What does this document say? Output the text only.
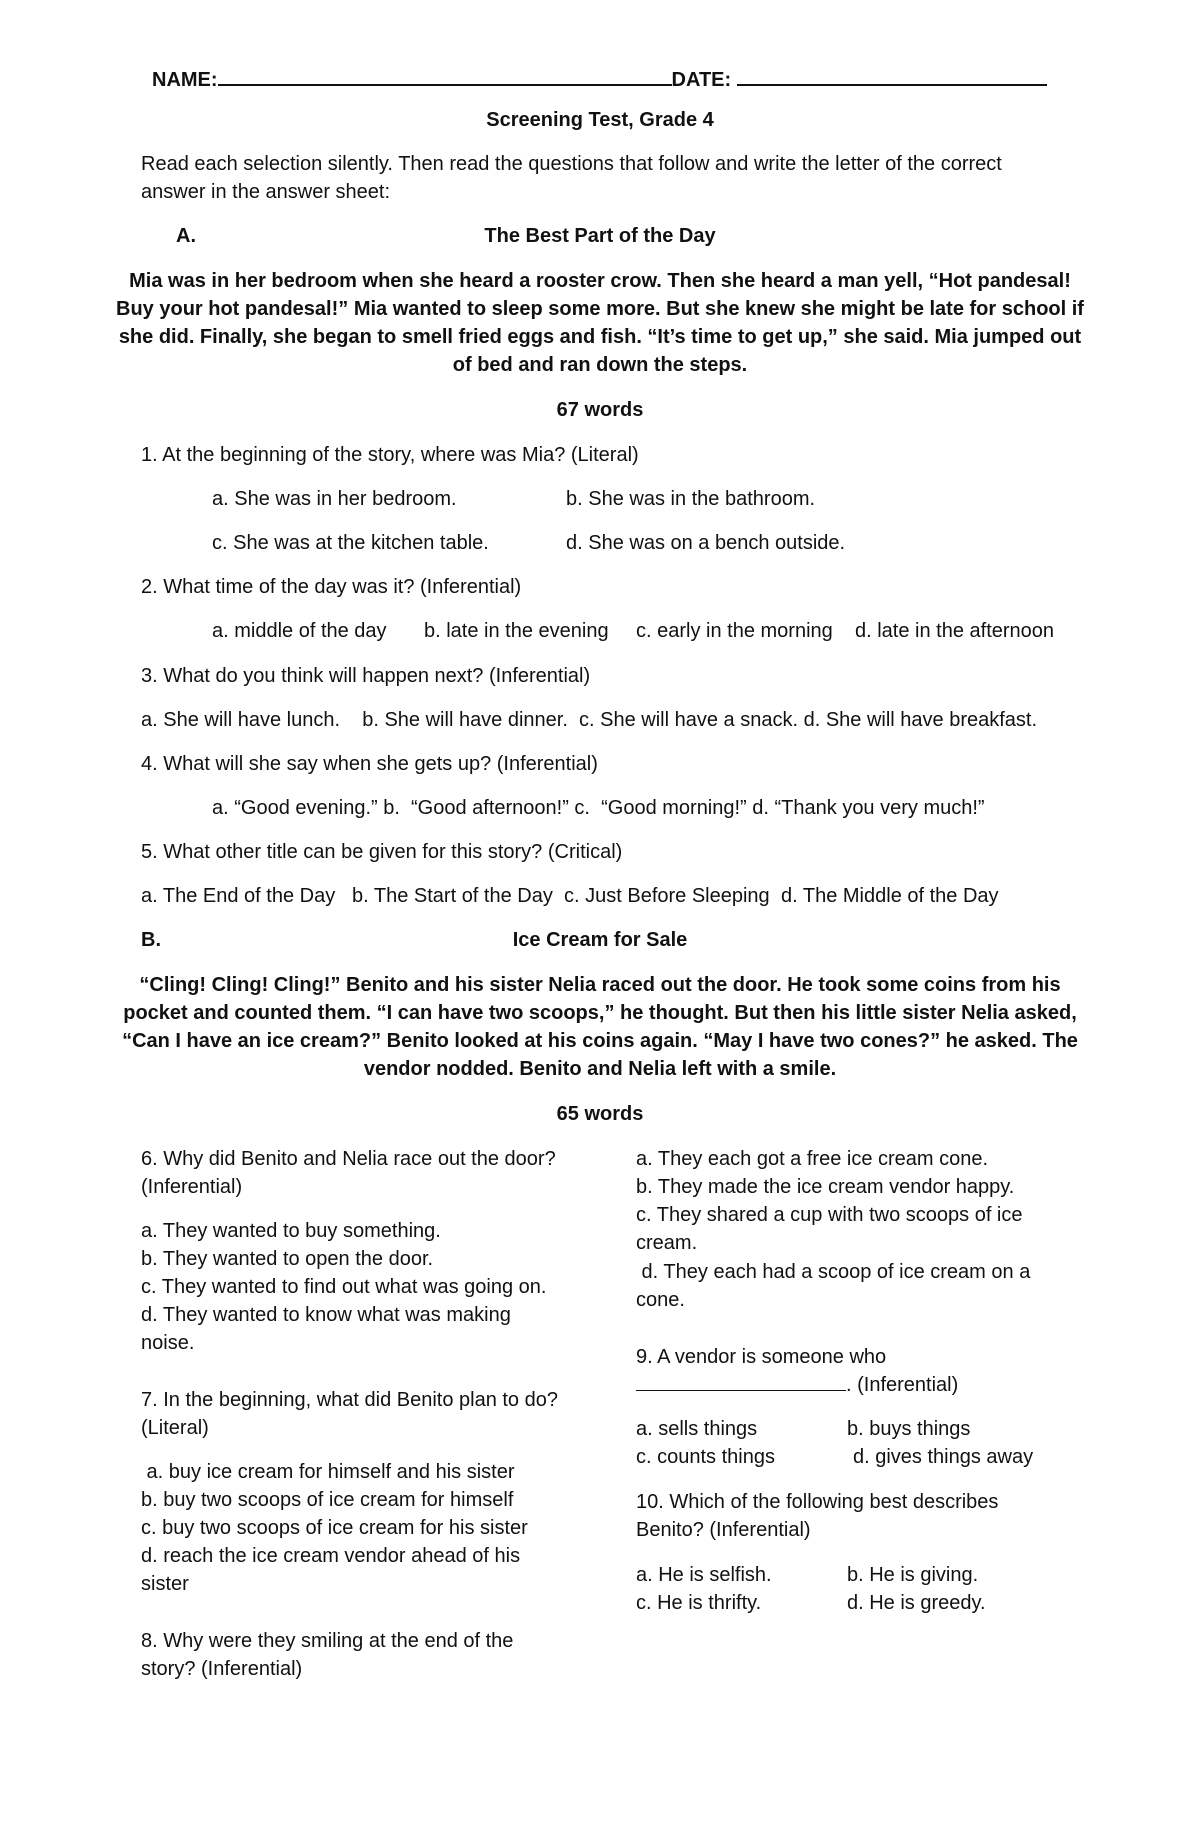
NAME:	DATE:
Screening Test, Grade 4
Read each selection silently. Then read the questions that follow and write the letter of the correct
answer in the answer sheet:
A.	The Best Part of the Day
Mia was in her bedroom when she heard a rooster crow. Then she heard a man yell, “Hot pandesal!
Buy your hot pandesal!” Mia wanted to sleep some more. But she knew she might be late for school if
she did. Finally, she began to smell fried eggs and fish. “It’s time to get up,” she said. Mia jumped out
of bed and ran down the steps.
67 words
1. At the beginning of the story, where was Mia? (Literal)
a. She was in her bedroom.	b. She was in the bathroom.
c. She was at the kitchen table.	d. She was on a bench outside.
2. What time of the day was it? (Inferential)
a. middle of the day b. late in the evening c. early in the morning d. late in the afternoon
3. What do you think will happen next? (Inferential)
a. She will have lunch.    b. She will have dinner.  c. She will have a snack. d. She will have breakfast.
4. What will she say when she gets up? (Inferential)
a. “Good evening.” b.  “Good afternoon!” c.  “Good morning!” d. “Thank you very much!”
5. What other title can be given for this story? (Critical)
a. The End of the Day b. The Start of the Day c. Just Before Sleeping d. The Middle of the Day
B.	Ice Cream for Sale
“Cling! Cling! Cling!” Benito and his sister Nelia raced out the door. He took some coins from his
pocket and counted them. “I can have two scoops,” he thought. But then his little sister Nelia asked,
“Can I have an ice cream?” Benito looked at his coins again. “May I have two cones?” he asked. The
vendor nodded. Benito and Nelia left with a smile.
65 words
6. Why did Benito and Nelia race out the door?
(Inferential)
a. They wanted to buy something.
b. They wanted to open the door.
c. They wanted to find out what was going on.
d. They wanted to know what was making
noise.
7. In the beginning, what did Benito plan to do?
(Literal)
a. buy ice cream for himself and his sister
b. buy two scoops of ice cream for himself
c. buy two scoops of ice cream for his sister
d. reach the ice cream vendor ahead of his
sister
8. Why were they smiling at the end of the
story? (Inferential)
a. They each got a free ice cream cone.
b. They made the ice cream vendor happy.
c. They shared a cup with two scoops of ice
cream.
d. They each had a scoop of ice cream on a
cone.
9. A vendor is someone who
. (Inferential)
a. sells things	b. buys things
c. counts things	d. gives things away
10. Which of the following best describes
Benito? (Inferential)
a. He is selfish.	b. He is giving.
c. He is thrifty.	d. He is greedy.
